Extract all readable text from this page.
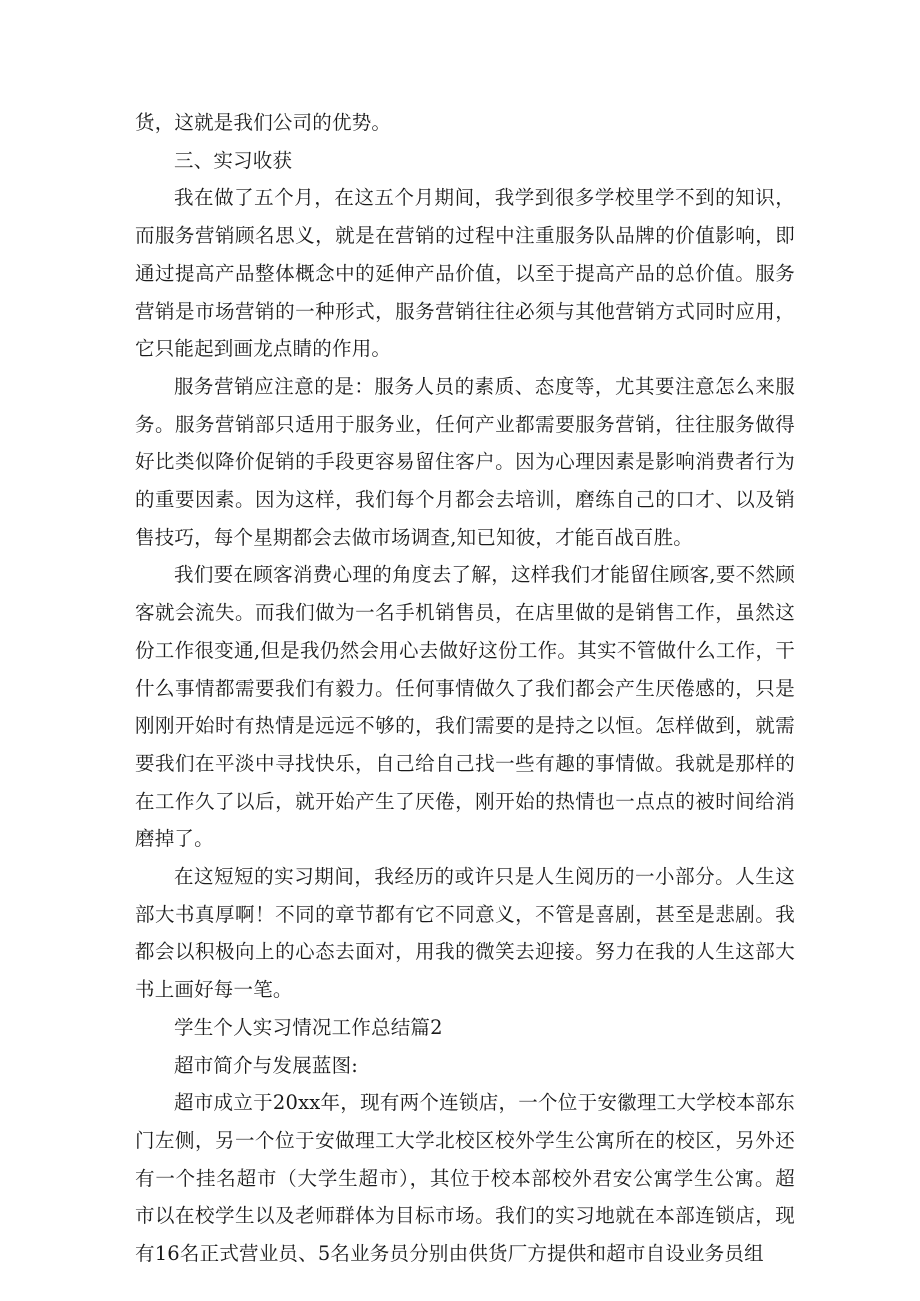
货，这就是我们公司的优势。

三、实习收获

我在做了五个月，在这五个月期间，我学到很多学校里学不到的知识，而服务营销顾名思义，就是在营销的过程中注重服务队品牌的价值影响，即通过提高产品整体概念中的延伸产品价值，以至于提高产品的总价值。服务营销是市场营销的一种形式，服务营销往往必须与其他营销方式同时应用，它只能起到画龙点睛的作用。

服务营销应注意的是：服务人员的素质、态度等，尤其要注意怎么来服务。服务营销部只适用于服务业，任何产业都需要服务营销，往往服务做得好比类似降价促销的手段更容易留住客户。因为心理因素是影响消费者行为的重要因素。因为这样，我们每个月都会去培训，磨练自己的口才、以及销售技巧，每个星期都会去做市场调查,知已知彼，才能百战百胜。

我们要在顾客消费心理的角度去了解，这样我们才能留住顾客,要不然顾客就会流失。而我们做为一名手机销售员，在店里做的是销售工作，虽然这份工作很变通,但是我仍然会用心去做好这份工作。其实不管做什么工作，干什么事情都需要我们有毅力。任何事情做久了我们都会产生厌倦感的，只是刚刚开始时有热情是远远不够的，我们需要的是持之以恒。怎样做到，就需要我们在平淡中寻找快乐，自己给自己找一些有趣的事情做。我就是那样的在工作久了以后，就开始产生了厌倦，刚开始的热情也一点点的被时间给消磨掉了。

在这短短的实习期间，我经历的或许只是人生阅历的一小部分。人生这部大书真厚啊！不同的章节都有它不同意义，不管是喜剧，甚至是悲剧。我都会以积极向上的心态去面对，用我的微笑去迎接。努力在我的人生这部大书上画好每一笔。

学生个人实习情况工作总结篇2

超市简介与发展蓝图:

超市成立于20xx年，现有两个连锁店，一个位于安徽理工大学校本部东门左侧，另一个位于安做理工大学北校区校外学生公寓所在的校区，另外还有一个挂名超市（大学生超市），其位于校本部校外君安公寓学生公寓。超市以在校学生以及老师群体为目标市场。我们的实习地就在本部连锁店，现有16名正式营业员、5名业务员分别由供货厂方提供和超市自设业务员组
